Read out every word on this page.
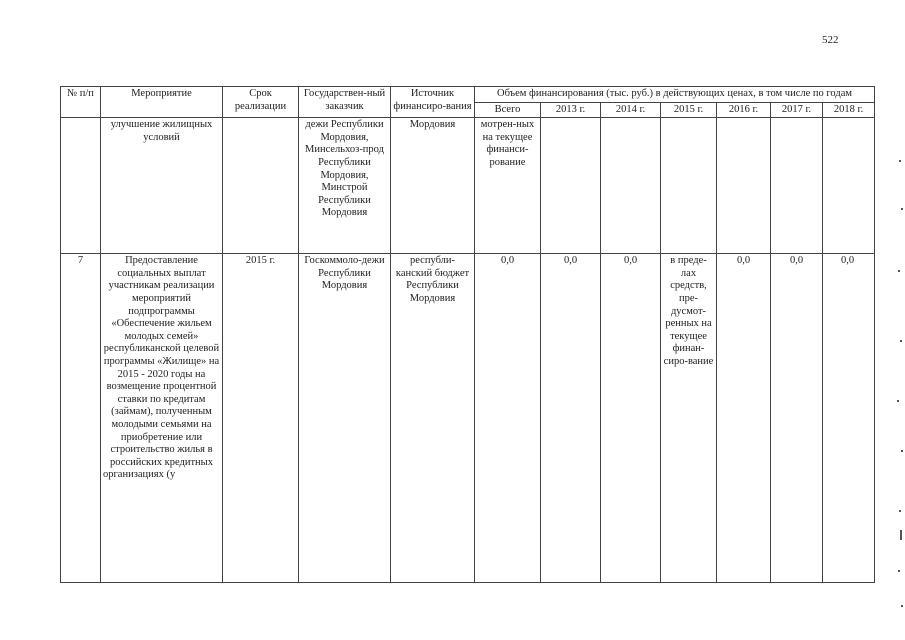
522
№ п/п	Мероприятие	Срок реализации	Государствен-ный заказчик	Источник финансиро-вания	Объем финансирования (тыс. руб.) в действующих ценах, в том числе по годам						
					Всего	2013 г.	2014 г.	2015 г.	2016 г.	2017 г.	2018 г.
	улучшение жилищных условий		дежи Республики Мордовия, Минсельхоз-прод Республики Мордовия, Минстрой Республики Мордовия	Мордовия	мотрен-ных на текущее финанси-рование						
7	Предоставление социальных выплат участникам реализации мероприятий подпрограммы «Обеспечение жильем молодых семей» республиканской целевой программы «Жилище» на 2015 - 2020 годы на возмещение процентной ставки по кредитам (займам), полученным молодыми семьями на приобретение или строительство жилья в российских кредитных организациях (у	2015 г.	Госкоммоло-дежи Республики Мордовия	республи-канский бюджет Республики Мордовия	0,0	0,0	0,0	в преде-лах средств, пре-дусмот-ренных на текущее финан-сиро-вание	0,0	0,0	0,0
